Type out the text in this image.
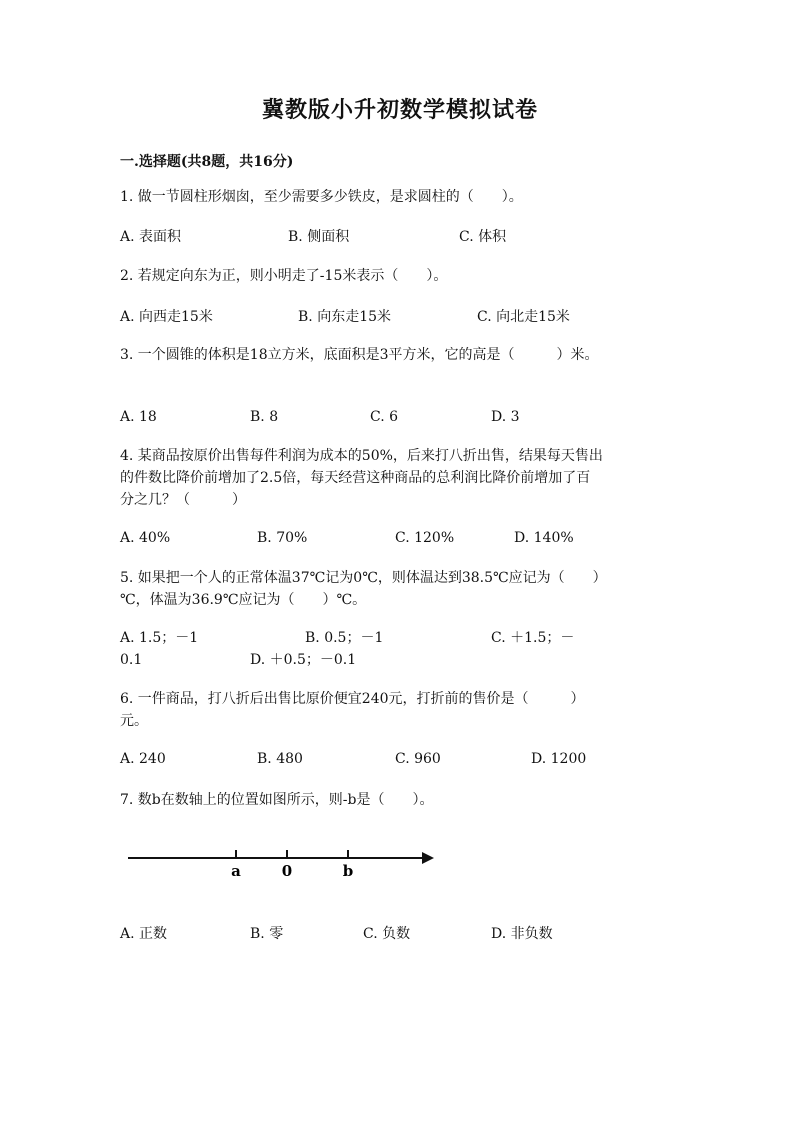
冀教版小升初数学模拟试卷
一.选择题(共8题，共16分)
1. 做一节圆柱形烟囱，至少需要多少铁皮，是求圆柱的（　　）。
A. 表面积	B. 侧面积	C. 体积
2. 若规定向东为正，则小明走了-15米表示（　　）。
A. 向西走15米	B. 向东走15米	C. 向北走15米
3. 一个圆锥的体积是18立方米，底面积是3平方米，它的高是（　　　）米。
A. 18	B. 8	C. 6	D. 3
4. 某商品按原价出售每件利润为成本的50%，后来打八折出售，结果每天售出
的件数比降价前增加了2.5倍，每天经营这种商品的总利润比降价前增加了百
分之几？（　　　）
A. 40%	B. 70%	C. 120%	D. 140%
5. 如果把一个人的正常体温37℃记为0℃，则体温达到38.5℃应记为（　　）
℃，体温为36.9℃应记为（　　）℃。
A. 1.5；－1	B. 0.5；－1	C. ＋1.5；－
0.1	D. ＋0.5；－0.1
6. 一件商品，打八折后出售比原价便宜240元，打折前的售价是（　　　）
元。
A. 240	B. 480	C. 960	D. 1200
7. 数b在数轴上的位置如图所示，则-b是（　　）。
a	0	b
A. 正数	B. 零	C. 负数	D. 非负数
